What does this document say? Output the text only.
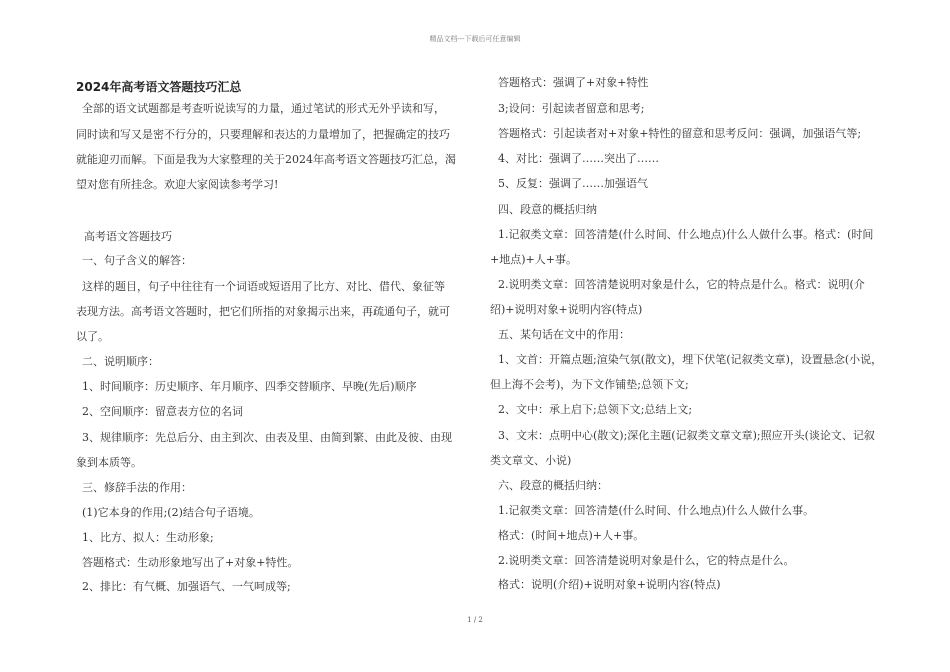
精品文档---下载后可任意编辑
2024年高考语文答题技巧汇总
全部的语文试题都是考查听说读写的力量，通过笔试的形式无外乎读和写，
同时读和写又是密不行分的，只要理解和表达的力量增加了，把握确定的技巧
就能迎刃而解。下面是我为大家整理的关于2024年高考语文答题技巧汇总，渴
望对您有所挂念。欢迎大家阅读参考学习!
高考语文答题技巧
一、句子含义的解答：
这样的题目，句子中往往有一个词语或短语用了比方、对比、借代、象征等
表现方法。高考语文答题时，把它们所指的对象揭示出来，再疏通句子，就可
以了。
二、说明顺序：
1、时间顺序：历史顺序、年月顺序、四季交替顺序、早晚(先后)顺序
2、空间顺序：留意表方位的名词
3、规律顺序：先总后分、由主到次、由表及里、由简到繁、由此及彼、由现
象到本质等。
三、修辞手法的作用：
(1)它本身的作用;(2)结合句子语境。
1、比方、拟人：生动形象;
答题格式：生动形象地写出了+对象+特性。
2、排比：有气概、加强语气、一气呵成等;
答题格式：强调了+对象+特性
3;设问：引起读者留意和思考;
答题格式：引起读者对+对象+特性的留意和思考反问：强调，加强语气等;
4、对比：强调了……突出了……
5、反复：强调了……加强语气
四、段意的概括归纳
1.记叙类文章：回答清楚(什么时间、什么地点)什么人做什么事。格式：(时间
+地点)+人+事。
2.说明类文章：回答清楚说明对象是什么，它的特点是什么。格式：说明(介
绍)+说明对象+说明内容(特点)
五、某句话在文中的作用：
1、文首：开篇点题;渲染气氛(散文)，埋下伏笔(记叙类文章)，设置悬念(小说，
但上海不会考)，为下文作铺垫;总领下文;
2、文中：承上启下;总领下文;总结上文;
3、文末：点明中心(散文);深化主题(记叙类文章文章);照应开头(谈论文、记叙
类文章文、小说)
六、段意的概括归纳：
1.记叙类文章：回答清楚(什么时间、什么地点)什么人做什么事。
格式：(时间+地点)+人+事。
2.说明类文章：回答清楚说明对象是什么，它的特点是什么。
格式：说明(介绍)+说明对象+说明内容(特点)
1 / 2
